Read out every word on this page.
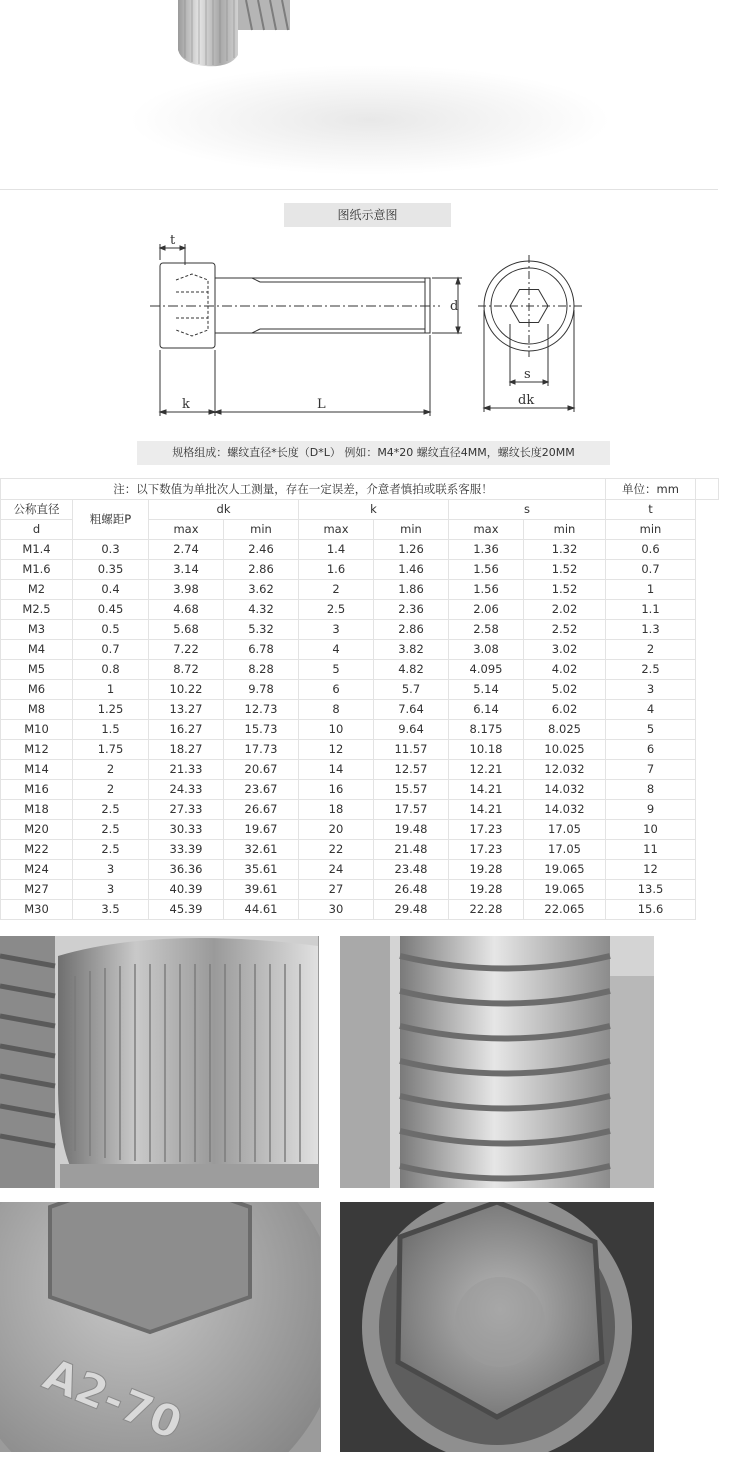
图纸示意图
t
k	L
d
s
dk
规格组成：螺纹直径*长度（D*L） 例如：M4*20 螺纹直径4MM，螺纹长度20MM
注：以下数值为单批次人工测量，存在一定误差，介意者慎拍或联系客服！								单位：mm	
公称直径	粗螺距P	dk		k		s		t	
d		max	min	max	min	max	min	min	
M1.4	0.3	2.74	2.46	1.4	1.26	1.36	1.32	0.6	
M1.6	0.35	3.14	2.86	1.6	1.46	1.56	1.52	0.7	
M2	0.4	3.98	3.62	2	1.86	1.56	1.52	1	
M2.5	0.45	4.68	4.32	2.5	2.36	2.06	2.02	1.1	
M3	0.5	5.68	5.32	3	2.86	2.58	2.52	1.3	
M4	0.7	7.22	6.78	4	3.82	3.08	3.02	2	
M5	0.8	8.72	8.28	5	4.82	4.095	4.02	2.5	
M6	1	10.22	9.78	6	5.7	5.14	5.02	3	
M8	1.25	13.27	12.73	8	7.64	6.14	6.02	4	
M10	1.5	16.27	15.73	10	9.64	8.175	8.025	5	
M12	1.75	18.27	17.73	12	11.57	10.18	10.025	6	
M14	2	21.33	20.67	14	12.57	12.21	12.032	7	
M16	2	24.33	23.67	16	15.57	14.21	14.032	8	
M18	2.5	27.33	26.67	18	17.57	14.21	14.032	9	
M20	2.5	30.33	19.67	20	19.48	17.23	17.05	10	
M22	2.5	33.39	32.61	22	21.48	17.23	17.05	11	
M24	3	36.36	35.61	24	23.48	19.28	19.065	12	
M27	3	40.39	39.61	27	26.48	19.28	19.065	13.5	
M30	3.5	45.39	44.61	30	29.48	22.28	22.065	15.6	
A2-70
